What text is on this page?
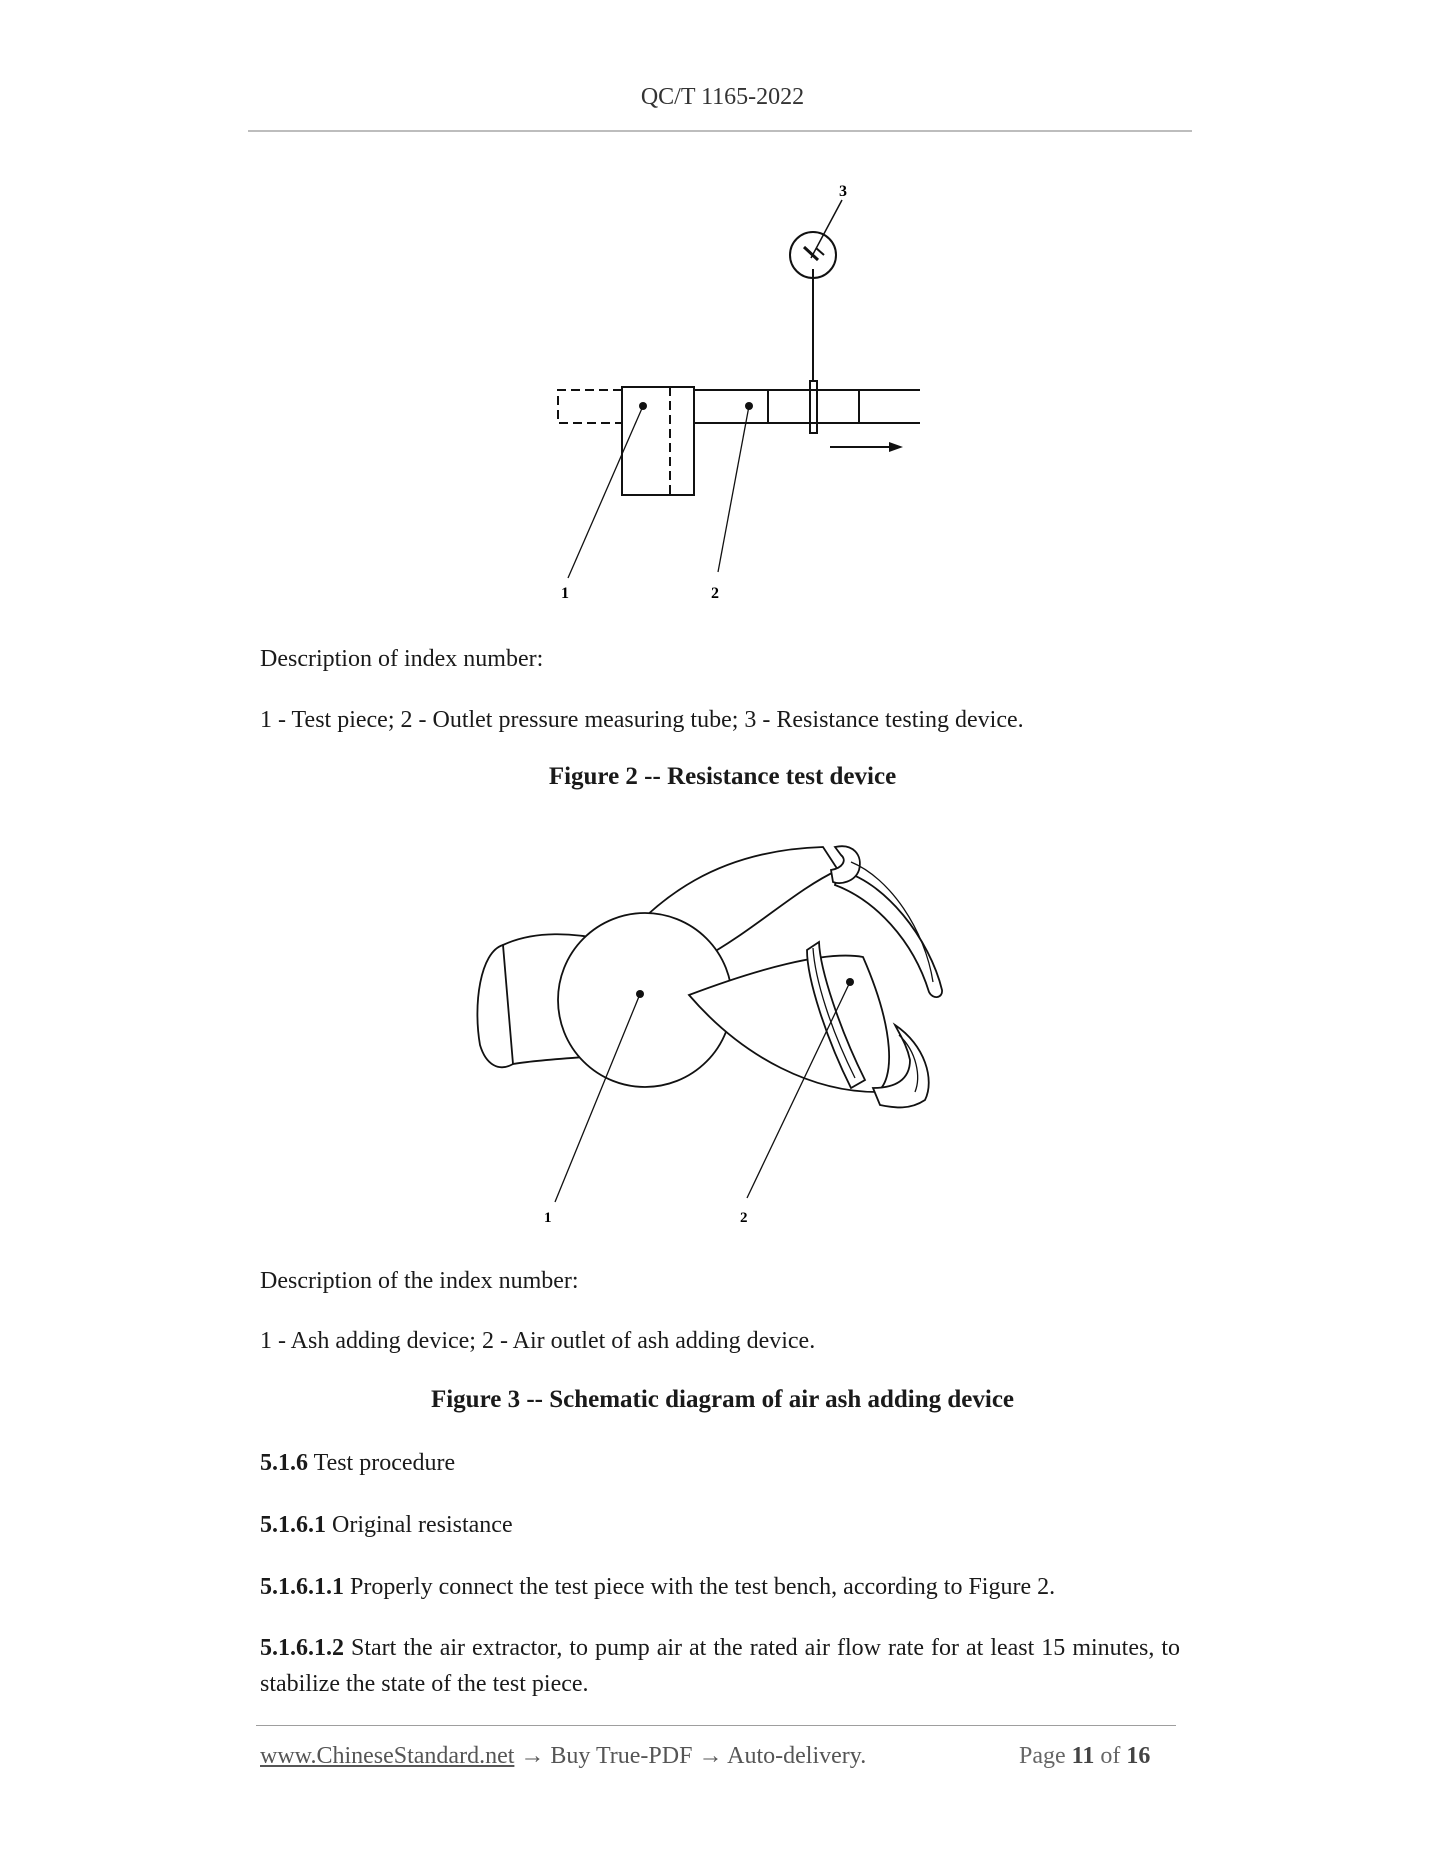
QC/T 1165-2022
3
1	2
Description of index number:
1 - Test piece; 2 - Outlet pressure measuring tube; 3 - Resistance testing device.
Figure 2 -- Resistance test device
1	2
Description of the index number:
1 - Ash adding device; 2 - Air outlet of ash adding device.
Figure 3 -- Schematic diagram of air ash adding device
5.1.6 Test procedure
5.1.6.1 Original resistance
5.1.6.1.1 Properly connect the test piece with the test bench, according to Figure 2.
5.1.6.1.2 Start the air extractor, to pump air at the rated air flow rate for at least 15 minutes, to stabilize the state of the test piece.
www.ChineseStandard.net → Buy True-PDF → Auto-delivery.	Page 11 of 16
